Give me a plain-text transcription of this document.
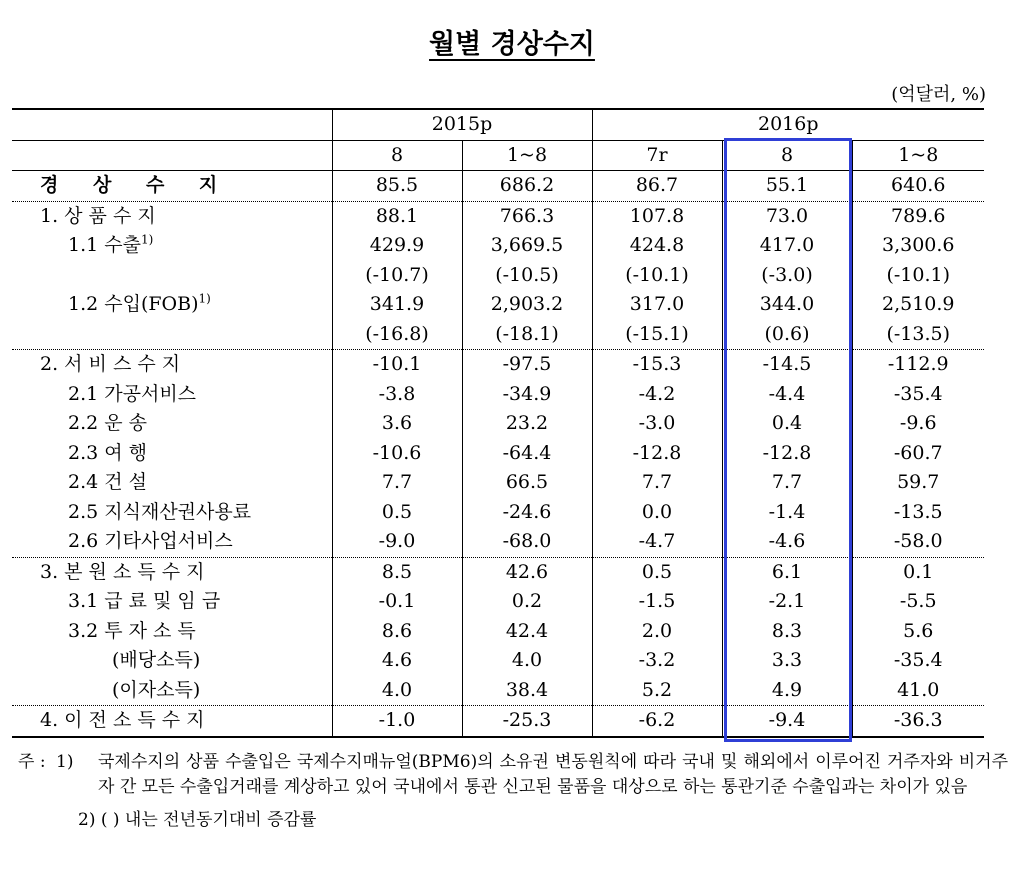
월별 경상수지
(억달러, %)
	2015p		2016p		
	8	1~8	7r	8	1~8
경 상 수 지	85.5	686.2	86.7	55.1	640.6
1. 상 품 수 지	88.1	766.3	107.8	73.0	789.6
1.1 수출$^{1)}$	429.9	3,669.5	424.8	417.0	3,300.6
	(-10.7)	(-10.5)	(-10.1)	(-3.0)	(-10.1)
1.2 수입(FOB)$^{1)}$	341.9	2,903.2	317.0	344.0	2,510.9
	(-16.8)	(-18.1)	(-15.1)	(0.6)	(-13.5)
2. 서 비 스 수 지	-10.1	-97.5	-15.3	-14.5	-112.9
2.1 가공서비스	-3.8	-34.9	-4.2	-4.4	-35.4
2.2 운 송	3.6	23.2	-3.0	0.4	-9.6
2.3 여 행	-10.6	-64.4	-12.8	-12.8	-60.7
2.4 건 설	7.7	66.5	7.7	7.7	59.7
2.5 지식재산권사용료	0.5	-24.6	0.0	-1.4	-13.5
2.6 기타사업서비스	-9.0	-68.0	-4.7	-4.6	-58.0
3. 본 원 소 득 수 지	8.5	42.6	0.5	6.1	0.1
3.1 급 료 및 임 금	-0.1	0.2	-1.5	-2.1	-5.5
3.2 투 자 소 득	8.6	42.4	2.0	8.3	5.6
(배당소득)	4.6	4.0	-3.2	3.3	-35.4
(이자소득)	4.0	38.4	5.2	4.9	41.0
4. 이 전 소 득 수 지	-1.0	-25.3	-6.2	-9.4	-36.3
주 : 1)	국제수지의 상품 수출입은 국제수지매뉴얼(BPM6)의 소유권 변동원칙에 따라 국내 및 해외에서 이루어진 거주자와 비거주자 간 모든 수출입거래를 계상하고 있어 국내에서 통관 신고된 물품을 대상으로 하는 통관기준 수출입과는 차이가 있음
2) ( ) 내는 전년동기대비 증감률
